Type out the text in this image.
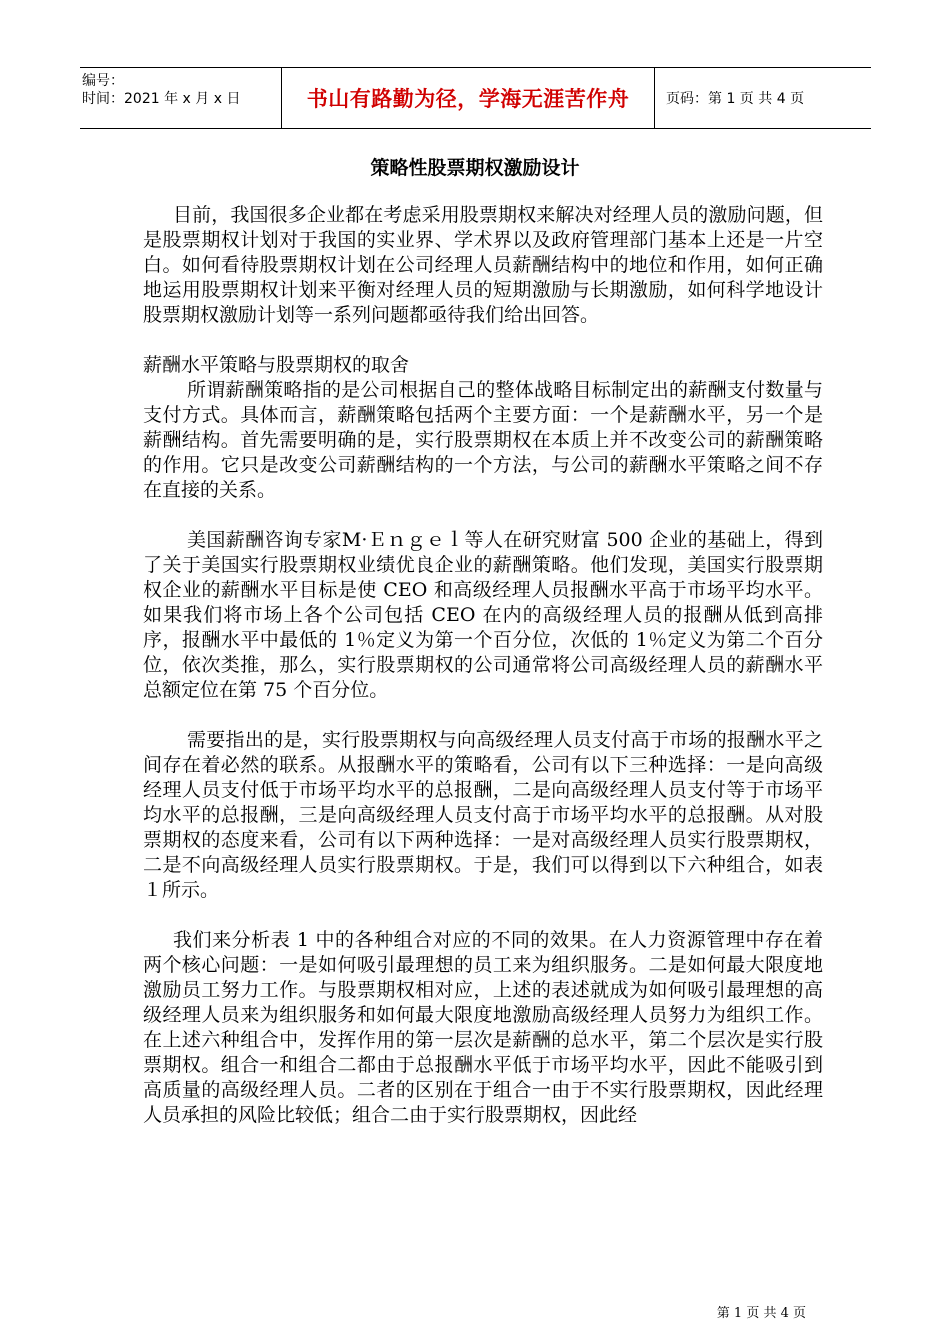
编号：
时间：2021 年 x 月 x 日	书山有路勤为径，学海无涯苦作舟	页码：第 1 页 共 4 页
策略性股票期权激励设计

目前，我国很多企业都在考虑采用股票期权来解决对经理人员的激励问题，但是股票期权计划对于我国的实业界、学术界以及政府管理部门基本上还是一片空白。如何看待股票期权计划在公司经理人员薪酬结构中的地位和作用，如何正确地运用股票期权计划来平衡对经理人员的短期激励与长期激励，如何科学地设计股票期权激励计划等一系列问题都亟待我们给出回答。

薪酬水平策略与股票期权的取舍

所谓薪酬策略指的是公司根据自己的整体战略目标制定出的薪酬支付数量与支付方式。具体而言，薪酬策略包括两个主要方面：一个是薪酬水平，另一个是薪酬结构。首先需要明确的是，实行股票期权在本质上并不改变公司的薪酬策略的作用。它只是改变公司薪酬结构的一个方法，与公司的薪酬水平策略之间不存在直接的关系。

美国薪酬咨询专家M·Ｅｎｇｅｌ等人在研究财富 500 企业的基础上，得到了关于美国实行股票期权业绩优良企业的薪酬策略。他们发现，美国实行股票期权企业的薪酬水平目标是使 CEO 和高级经理人员报酬水平高于市场平均水平。如果我们将市场上各个公司包括 CEO 在内的高级经理人员的报酬从低到高排序，报酬水平中最低的 1％定义为第一个百分位，次低的 1％定义为第二个百分位，依次类推，那么，实行股票期权的公司通常将公司高级经理人员的薪酬水平总额定位在第 75 个百分位。

需要指出的是，实行股票期权与向高级经理人员支付高于市场的报酬水平之间存在着必然的联系。从报酬水平的策略看，公司有以下三种选择：一是向高级经理人员支付低于市场平均水平的总报酬，二是向高级经理人员支付等于市场平均水平的总报酬，三是向高级经理人员支付高于市场平均水平的总报酬。从对股票期权的态度来看，公司有以下两种选择：一是对高级经理人员实行股票期权，二是不向高级经理人员实行股票期权。于是，我们可以得到以下六种组合，如表１所示。

我们来分析表 1 中的各种组合对应的不同的效果。在人力资源管理中存在着两个核心问题：一是如何吸引最理想的员工来为组织服务。二是如何最大限度地激励员工努力工作。与股票期权相对应，上述的表述就成为如何吸引最理想的高级经理人员来为组织服务和如何最大限度地激励高级经理人员努力为组织工作。在上述六种组合中，发挥作用的第一层次是薪酬的总水平，第二个层次是实行股票期权。组合一和组合二都由于总报酬水平低于市场平均水平，因此不能吸引到高质量的高级经理人员。二者的区别在于组合一由于不实行股票期权，因此经理人员承担的风险比较低；组合二由于实行股票期权，因此经

第 1 页 共 4 页
